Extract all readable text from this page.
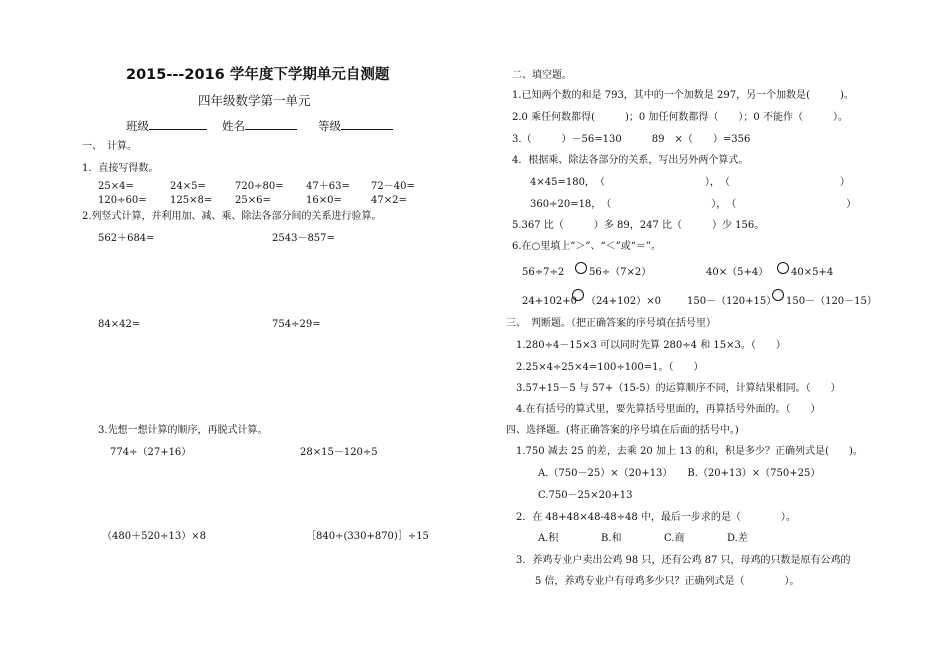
2015---2016 学年度下学期单元自测题
四年级数学第一单元
班级	姓名	等级
一、　计算。
1．直接写得数。
25×4=	24×5=	720÷80= 47＋63= 72－40=
120÷60= 125×8= 25×6=	16×0=	47×2=
2.列竖式计算，并利用加、减、乘、除法各部分间的关系进行验算。
562＋684=	2543－857=
84×42=	754÷29=
3.先想一想计算的顺序，再脱式计算。
774÷（27+16）	28×15－120÷5
（480＋520÷13）×8	［840÷(330+870)］÷15
二、填空题。
1.已知两个数的和是 793，其中的一个加数是 297，另一个加数是(　　　)。
2.0 乘任何数都得(　　　)；0 加任何数都得（　　）；0 不能作（　　　）。
3.（　　　）－56=130　　　89　×（　　）=356
4．根据乘、除法各部分的关系，写出另外两个算式。
4×45=180，　（　　　　　　　　　　），　（　　　　　　　　　　　）
360÷20=18，　（　　　　　　　　　　），　（　　　　　　　　　　　）
5.367 比（　　　）多 89，247 比（　　　）少 156。
6.在○里填上“＞”、“＜”或“＝”。
56÷7÷2 56÷（7×2）	40×（5+4） 40×5+4
24+102+0 （24+102）×0	150－（120+15） 150－（120－15）
三、　判断题。（把正确答案的序号填在括号里）
1.280÷4－15×3 可以同时先算 280÷4 和 15×3。（　　）
2.25×4÷25×4=100÷100=1。（　　）
3.57+15－5 与 57+（15-5）的运算顺序不同，计算结果相同。（　　）
4.在有括号的算式里，要先算括号里面的，再算括号外面的。（　　）
四、选择题。(将正确答案的序号填在后面的括号中。)
1.750 减去 25 的差，去乘 20 加上 13 的和，积是多少？正确列式是(　　)。
A.（750－25）×（20+13）　　B.（20+13）×（750+25）
C.750－25×20+13
2．在 48+48×48-48÷48 中，最后一步求的是（　　　　）。
A.积	B.和	C.商	D.差
3．养鸡专业户卖出公鸡 98 只，还有公鸡 87 只，母鸡的只数是原有公鸡的
5 倍，养鸡专业户有母鸡多少只？正确列式是（　　　　）。
